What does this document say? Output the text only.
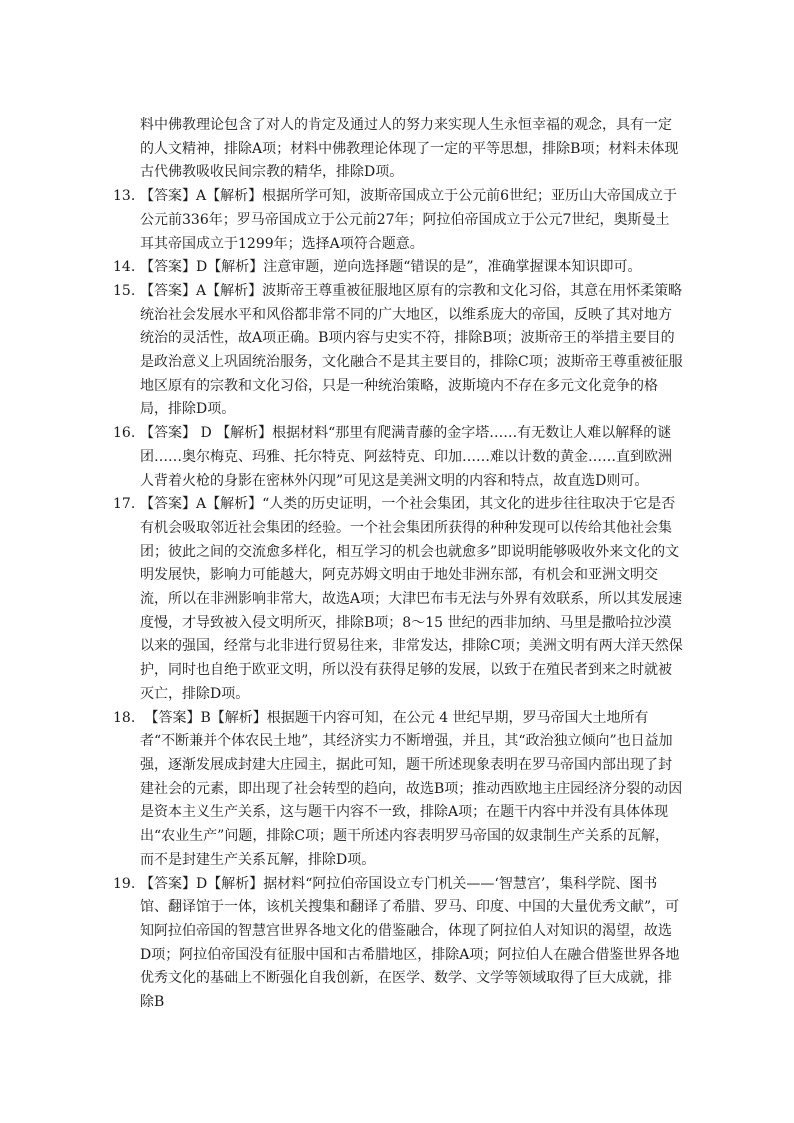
料中佛教理论包含了对人的肯定及通过人的努力来实现人生永恒幸福的观念，具有一定的人文精神，排除A项；材料中佛教理论体现了一定的平等思想，排除B项；材料未体现古代佛教吸收民间宗教的精华，排除D项。

13. 【答案】A【解析】根据所学可知，波斯帝国成立于公元前6世纪；亚历山大帝国成立于公元前336年；罗马帝国成立于公元前27年；阿拉伯帝国成立于公元7世纪，奥斯曼土耳其帝国成立于1299年；选择A项符合题意。

14. 【答案】D【解析】注意审题，逆向选择题“错误的是”，准确掌握课本知识即可。

15. 【答案】A【解析】波斯帝王尊重被征服地区原有的宗教和文化习俗，其意在用怀柔策略统治社会发展水平和风俗都非常不同的广大地区，以维系庞大的帝国，反映了其对地方统治的灵活性，故A项正确。B项内容与史实不符，排除B项；波斯帝王的举措主要目的是政治意义上巩固统治服务，文化融合不是其主要目的，排除C项；波斯帝王尊重被征服地区原有的宗教和文化习俗，只是一种统治策略，波斯境内不存在多元文化竞争的格局，排除D项。

16. 【答案】 D 【解析】根据材料“那里有爬满青藤的金字塔……有无数让人难以解释的谜团……奥尔梅克、玛雅、托尔特克、阿兹特克、印加……难以计数的黄金……直到欧洲人背着火枪的身影在密林外闪现”可见这是美洲文明的内容和特点，故直选D则可。

17. 【答案】A【解析】“人类的历史证明，一个社会集团，其文化的进步往往取决于它是否有机会吸取邻近社会集团的经验。一个社会集团所获得的种种发现可以传给其他社会集团；彼此之间的交流愈多样化，相互学习的机会也就愈多”即说明能够吸收外来文化的文明发展快，影响力可能越大，阿克苏姆文明由于地处非洲东部，有机会和亚洲文明交流，所以在非洲影响非常大，故选A项；大津巴布韦无法与外界有效联系，所以其发展速度慢，才导致被入侵文明所灭，排除B项；8～15 世纪的西非加纳、马里是撒哈拉沙漠以来的强国，经常与北非进行贸易往来，非常发达，排除C项；美洲文明有两大洋天然保护，同时也自绝于欧亚文明，所以没有获得足够的发展，以致于在殖民者到来之时就被灭亡，排除D项。

18. 【答案】B【解析】根据题干内容可知，在公元 4 世纪早期，罗马帝国大土地所有者“不断兼并个体农民土地”，其经济实力不断增强，并且，其“政治独立倾向”也日益加强，逐渐发展成封建大庄园主，据此可知，题干所述现象表明在罗马帝国内部出现了封建社会的元素，即出现了社会转型的趋向，故选B项；推动西欧地主庄园经济分裂的动因是资本主义生产关系，这与题干内容不一致，排除A项；在题干内容中并没有具体体现出“农业生产”问题，排除C项；题干所述内容表明罗马帝国的奴隶制生产关系的瓦解，而不是封建生产关系瓦解，排除D项。

19. 【答案】D【解析】据材料“阿拉伯帝国设立专门机关——‘智慧宫’，集科学院、图书馆、翻译馆于一体，该机关搜集和翻译了希腊、罗马、印度、中国的大量优秀文献”，可知阿拉伯帝国的智慧宫世界各地文化的借鉴融合，体现了阿拉伯人对知识的渴望，故选D项；阿拉伯帝国没有征服中国和古希腊地区，排除A项；阿拉伯人在融合借鉴世界各地优秀文化的基础上不断强化自我创新，在医学、数学、文学等领域取得了巨大成就，排除B
